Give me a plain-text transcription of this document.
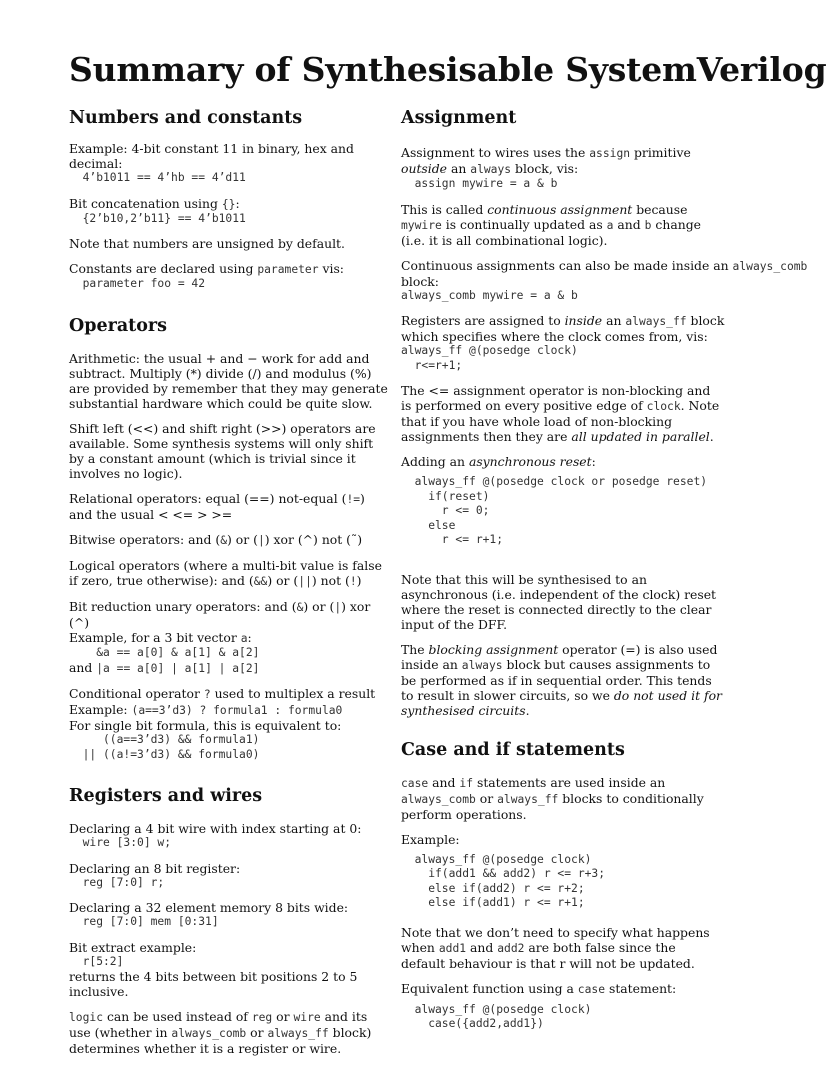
Summary of Synthesisable SystemVerilog
Numbers and constants

Example: 4-bit constant 11 in binary, hex and decimal:
4’b1011 == 4’hb == 4’d11

Bit concatenation using {}:
{2’b10,2’b11} == 4’b1011

Note that numbers are unsigned by default.

Constants are declared using parameter vis:
parameter foo = 42

Operators

Arithmetic: the usual + and − work for add and subtract. Multiply (*) divide (/) and modulus (%) are provided by remember that they may generate substantial hardware which could be quite slow.

Shift left (<<) and shift right (>>) operators are available. Some synthesis systems will only shift by a constant amount (which is trivial since it involves no logic).

Relational operators: equal (==) not-equal (!=) and the usual < <= > >=

Bitwise operators: and (&) or (|) xor (^) not (˜)

Logical operators (where a multi-bit value is false if zero, true otherwise): and (&&) or (||) not (!)

Bit reduction unary operators: and (&) or (|) xor (^)
Example, for a 3 bit vector a:
&a == a[0] & a[1] & a[2]
and |a == a[0] | a[1] | a[2]

Conditional operator ? used to multiplex a result
Example: (a==3’d3) ? formula1 : formula0
For single bit formula, this is equivalent to:
((a==3’d3) && formula1)
|| ((a!=3’d3) && formula0)

Registers and wires

Declaring a 4 bit wire with index starting at 0:
wire [3:0] w;

Declaring an 8 bit register:
reg [7:0] r;

Declaring a 32 element memory 8 bits wide:
reg [7:0] mem [0:31]

Bit extract example:
r[5:2]
returns the 4 bits between bit positions 2 to 5 inclusive.

logic can be used instead of reg or wire and its use (whether in always_comb or always_ff block) determines whether it is a register or wire.

Assignment

Assignment to wires uses the assign primitive outside an always block, vis:
assign mywire = a & b

This is called continuous assignment because mywire is continually updated as a and b change (i.e. it is all combinational logic).

Continuous assignments can also be made inside an always_comb
block:
always_comb mywire = a & b

Registers are assigned to inside an always_ff block which specifies where the clock comes from, vis:
always_ff @(posedge clock)
r<=r+1;

The <= assignment operator is non-blocking and is performed on every positive edge of clock. Note that if you have whole load of non-blocking assignments then they are all updated in parallel.

Adding an asynchronous reset:
always_ff @(posedge clock or posedge reset)
if(reset)
r <= 0;
else
r <= r+1;

Note that this will be synthesised to an asynchronous (i.e. independent of the clock) reset where the reset is connected directly to the clear input of the DFF.

The blocking assignment operator (=) is also used inside an always block but causes assignments to be performed as if in sequential order. This tends to result in slower circuits, so we do not used it for synthesised circuits.

Case and if statements

case and if statements are used inside an always_comb or always_ff blocks to conditionally perform operations.

Example:
always_ff @(posedge clock)
if(add1 && add2) r <= r+3;
else if(add2) r <= r+2;
else if(add1) r <= r+1;

Note that we don’t need to specify what happens when add1 and add2 are both false since the default behaviour is that r will not be updated.

Equivalent function using a case statement:
always_ff @(posedge clock)
case({add2,add1})
